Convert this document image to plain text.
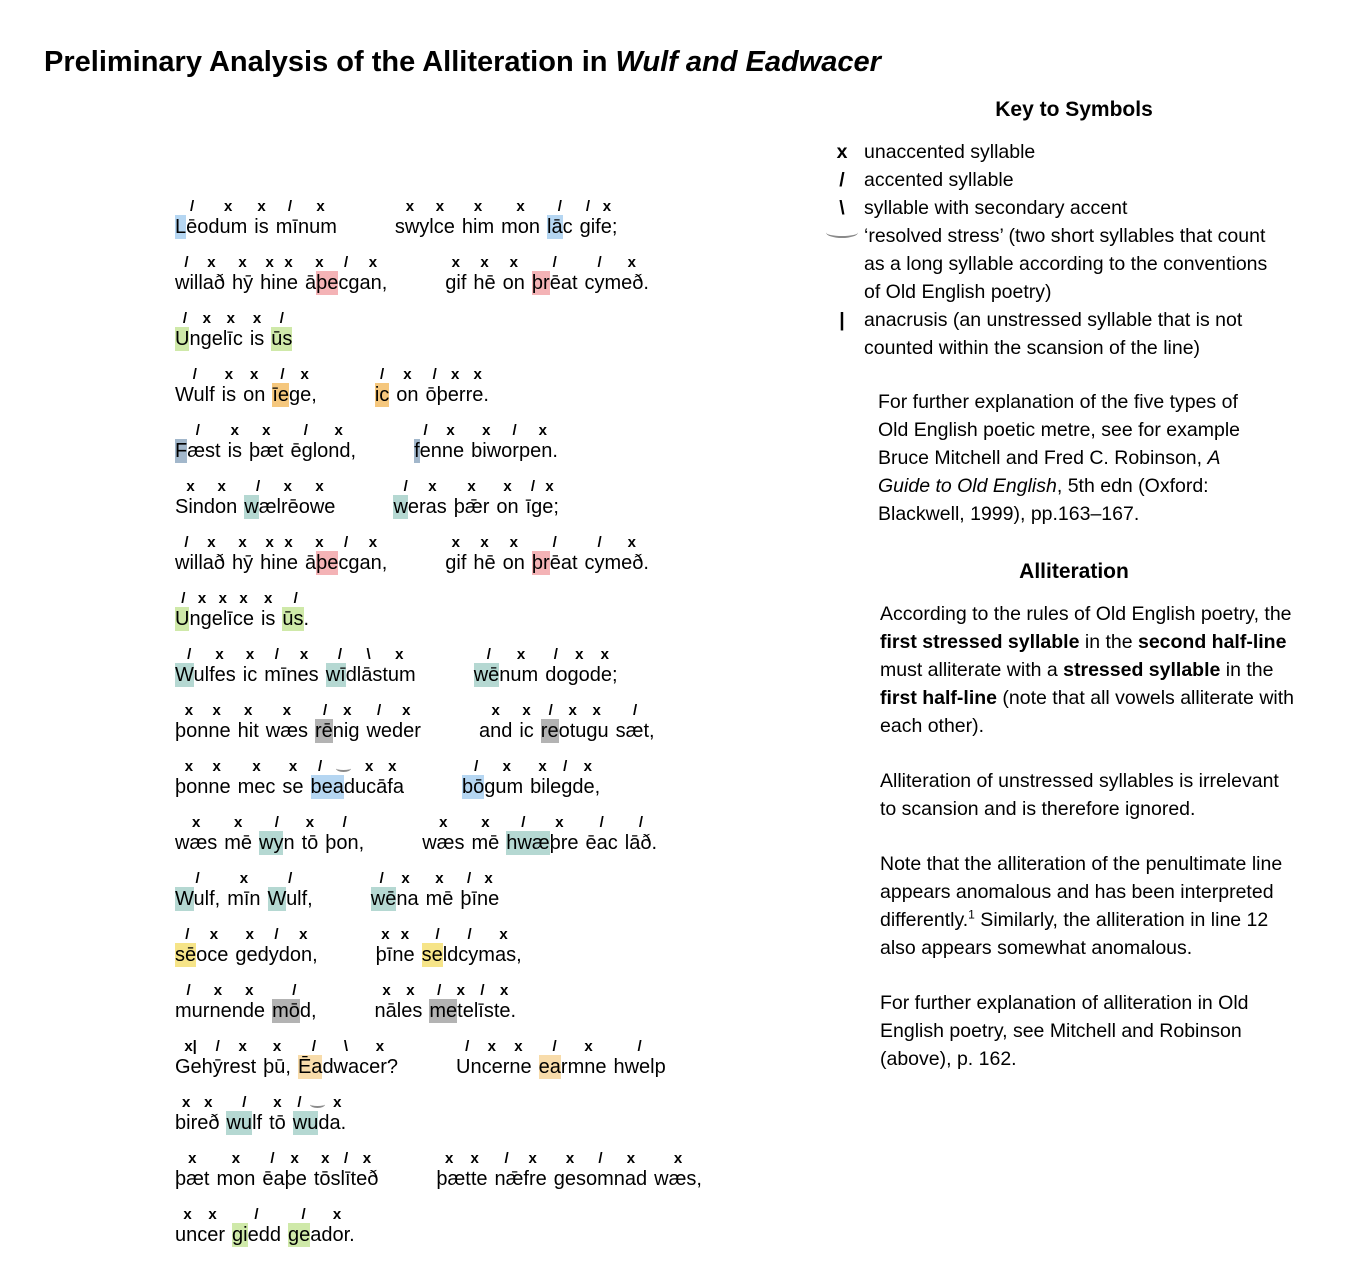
Preliminary Analysis of the Alliteration in Wulf and Eadwacer
/ x
Lēodum
x
is
/ x
mīnum
x x
swylce
x
him
x
mon
/
lāc
/ x
gife;
/ x
willað
x
hȳ
x x
hine
x / x
āþecgan,
x
gif
x
hē
x
on
/
þrēat
/ x
cymeð.
/ x x
Ungelīc
x
is
/
ūs
/
Wulf
x
is
x
on
/ x
īege,
/
ic
x
on
/ x x
ōþerre.
/
Fæst
x
is
x
þæt
/ x
ēglond,
/ x
fenne
x / x
biworpen.
x x
Sindon
/ x x
wælrēowe
/ x
weras
x
þǣr
x
on
/ x
īge;
/ x
willað
x
hȳ
x x
hine
x / x
āþecgan,
x
gif
x
hē
x
on
/
þrēat
/ x
cymeð.
/ x x x
Ungelīce
x
is
/
ūs.
/ x
Wulfes
x
ic
/ x
mīnes
/ \ x
wīdlāstum
/ x
wēnum
/ x x
dogode;
x x
þonne
x
hit
x
wæs
/ x
rēnig
/ x
weder
x
and
x
ic
/ x x
reotugu
/
sæt,
x x
þonne
x
mec
x
se
/	x x
beaducāfa
/ x
bōgum
x / x
bilegde,
x
wæs
x
mē
/
wyn
x
tō
/
þon,
x
wæs
x
mē
/ x
hwæþre
/
ēac
/
lāð.
/
Wulf,
x
mīn
/
Wulf,
/ x
wēna
x
mē
/ x
þīne
/ x
sēoce
x / x
gedydon,
x x
þīne
/ / x
seldcymas,
/ x x
murnende
/
mōd,
x x
nāles
/ x / x
metelīste.
x| / x
Gehȳrest
x
þū,
/ \ x
Ēadwacer?
/ x x
Uncerne
/ x
earmne
/
hwelp
x x
bireð
/
wulf
x
tō
/ x
wuda.
x
þæt
x
mon
/ x
ēaþe
x / x
tōslīteð
x x
þætte
/ x
nǣfre
x / x
gesomnad
x
wæs,
x x
uncer
/
giedd
/ x
geador.
Key to Symbols
x unaccented syllable
/ accented syllable
\ syllable with secondary accent
‘resolved stress’ (two short syllables that count as a long syllable according to the conventions of Old English poetry)
| anacrusis (an unstressed syllable that is not counted within the scansion of the line)

For further explanation of the five types of Old English poetic metre, see for example Bruce Mitchell and Fred C. Robinson, A Guide to Old English, 5th edn (Oxford: Blackwell, 1999), pp.163–167.

Alliteration

According to the rules of Old English poetry, the first stressed syllable in the second half-line must alliterate with a stressed syllable in the first half-line (note that all vowels alliterate with each other).

Alliteration of unstressed syllables is irrelevant to scansion and is therefore ignored.

Note that the alliteration of the penultimate line appears anomalous and has been interpreted differently.$^1$ Similarly, the alliteration in line 12 also appears somewhat anomalous.

For further explanation of alliteration in Old English poetry, see Mitchell and Robinson (above), p. 162.
